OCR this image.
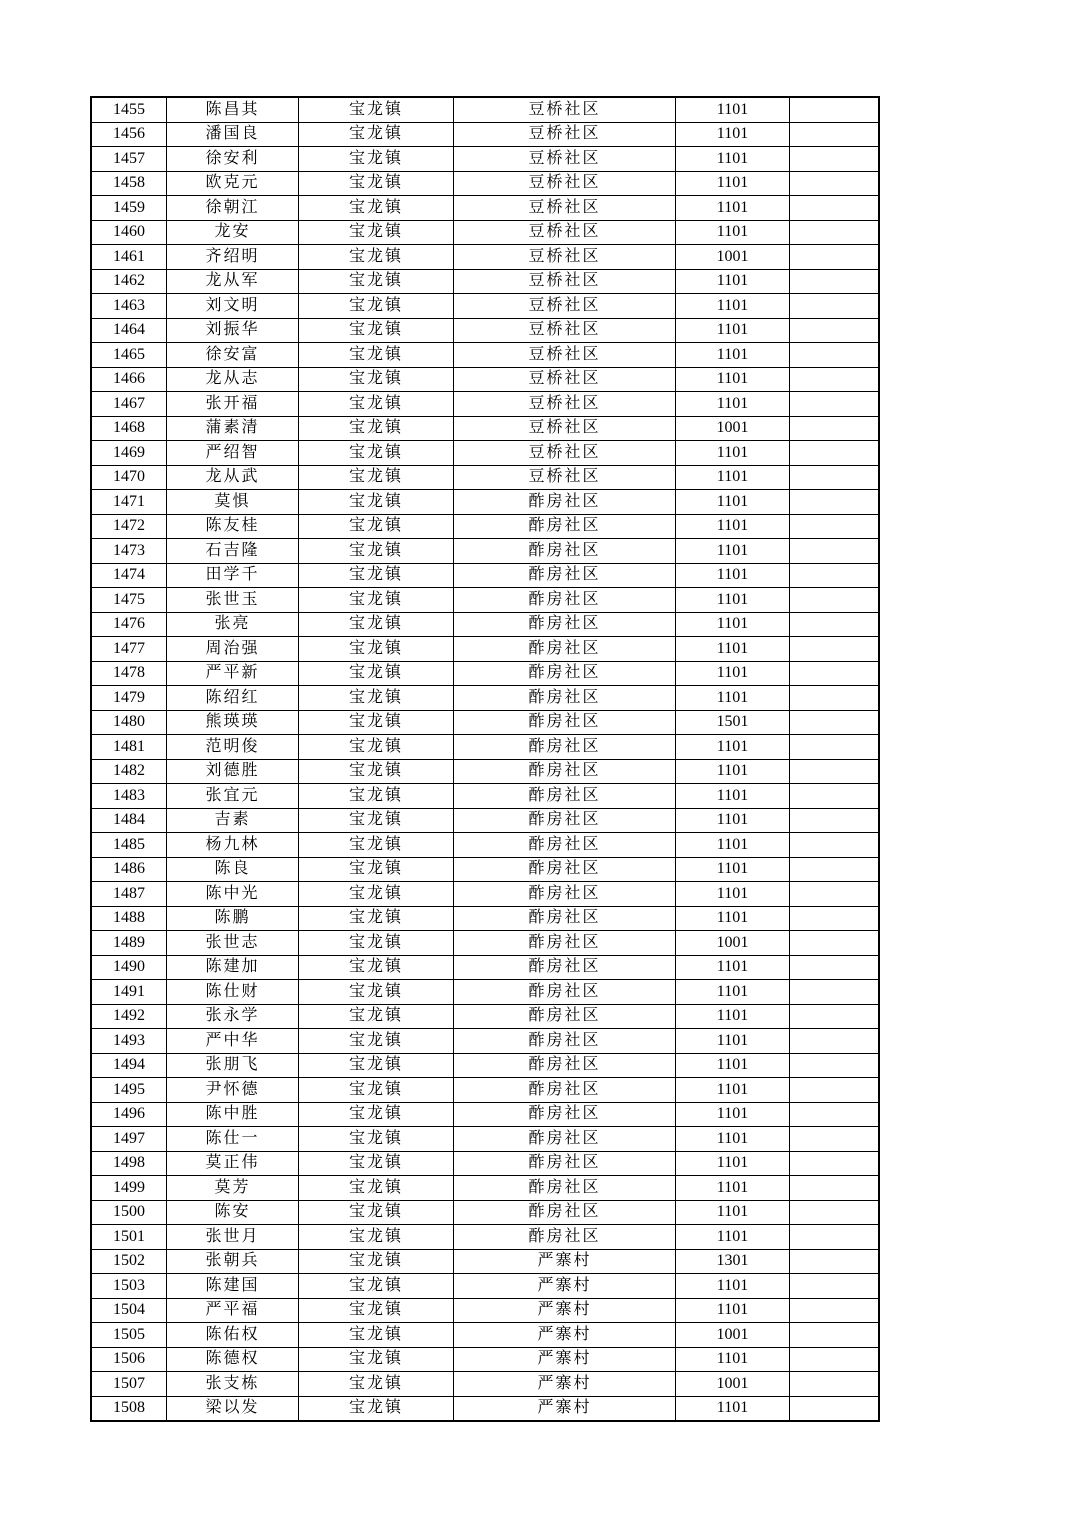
1455	陈昌其	宝龙镇	豆桥社区	1101	
1456	潘国良	宝龙镇	豆桥社区	1101	
1457	徐安利	宝龙镇	豆桥社区	1101	
1458	欧克元	宝龙镇	豆桥社区	1101	
1459	徐朝江	宝龙镇	豆桥社区	1101	
1460	龙安	宝龙镇	豆桥社区	1101	
1461	齐绍明	宝龙镇	豆桥社区	1001	
1462	龙从军	宝龙镇	豆桥社区	1101	
1463	刘文明	宝龙镇	豆桥社区	1101	
1464	刘振华	宝龙镇	豆桥社区	1101	
1465	徐安富	宝龙镇	豆桥社区	1101	
1466	龙从志	宝龙镇	豆桥社区	1101	
1467	张开福	宝龙镇	豆桥社区	1101	
1468	蒲素清	宝龙镇	豆桥社区	1001	
1469	严绍智	宝龙镇	豆桥社区	1101	
1470	龙从武	宝龙镇	豆桥社区	1101	
1471	莫惧	宝龙镇	酢房社区	1101	
1472	陈友桂	宝龙镇	酢房社区	1101	
1473	石吉隆	宝龙镇	酢房社区	1101	
1474	田学千	宝龙镇	酢房社区	1101	
1475	张世玉	宝龙镇	酢房社区	1101	
1476	张亮	宝龙镇	酢房社区	1101	
1477	周治强	宝龙镇	酢房社区	1101	
1478	严平新	宝龙镇	酢房社区	1101	
1479	陈绍红	宝龙镇	酢房社区	1101	
1480	熊瑛瑛	宝龙镇	酢房社区	1501	
1481	范明俊	宝龙镇	酢房社区	1101	
1482	刘德胜	宝龙镇	酢房社区	1101	
1483	张宜元	宝龙镇	酢房社区	1101	
1484	吉素	宝龙镇	酢房社区	1101	
1485	杨九林	宝龙镇	酢房社区	1101	
1486	陈良	宝龙镇	酢房社区	1101	
1487	陈中光	宝龙镇	酢房社区	1101	
1488	陈鹏	宝龙镇	酢房社区	1101	
1489	张世志	宝龙镇	酢房社区	1001	
1490	陈建加	宝龙镇	酢房社区	1101	
1491	陈仕财	宝龙镇	酢房社区	1101	
1492	张永学	宝龙镇	酢房社区	1101	
1493	严中华	宝龙镇	酢房社区	1101	
1494	张朋飞	宝龙镇	酢房社区	1101	
1495	尹怀德	宝龙镇	酢房社区	1101	
1496	陈中胜	宝龙镇	酢房社区	1101	
1497	陈仕一	宝龙镇	酢房社区	1101	
1498	莫正伟	宝龙镇	酢房社区	1101	
1499	莫芳	宝龙镇	酢房社区	1101	
1500	陈安	宝龙镇	酢房社区	1101	
1501	张世月	宝龙镇	酢房社区	1101	
1502	张朝兵	宝龙镇	严寨村	1301	
1503	陈建国	宝龙镇	严寨村	1101	
1504	严平福	宝龙镇	严寨村	1101	
1505	陈佑权	宝龙镇	严寨村	1001	
1506	陈德权	宝龙镇	严寨村	1101	
1507	张支栋	宝龙镇	严寨村	1001	
1508	梁以发	宝龙镇	严寨村	1101	
